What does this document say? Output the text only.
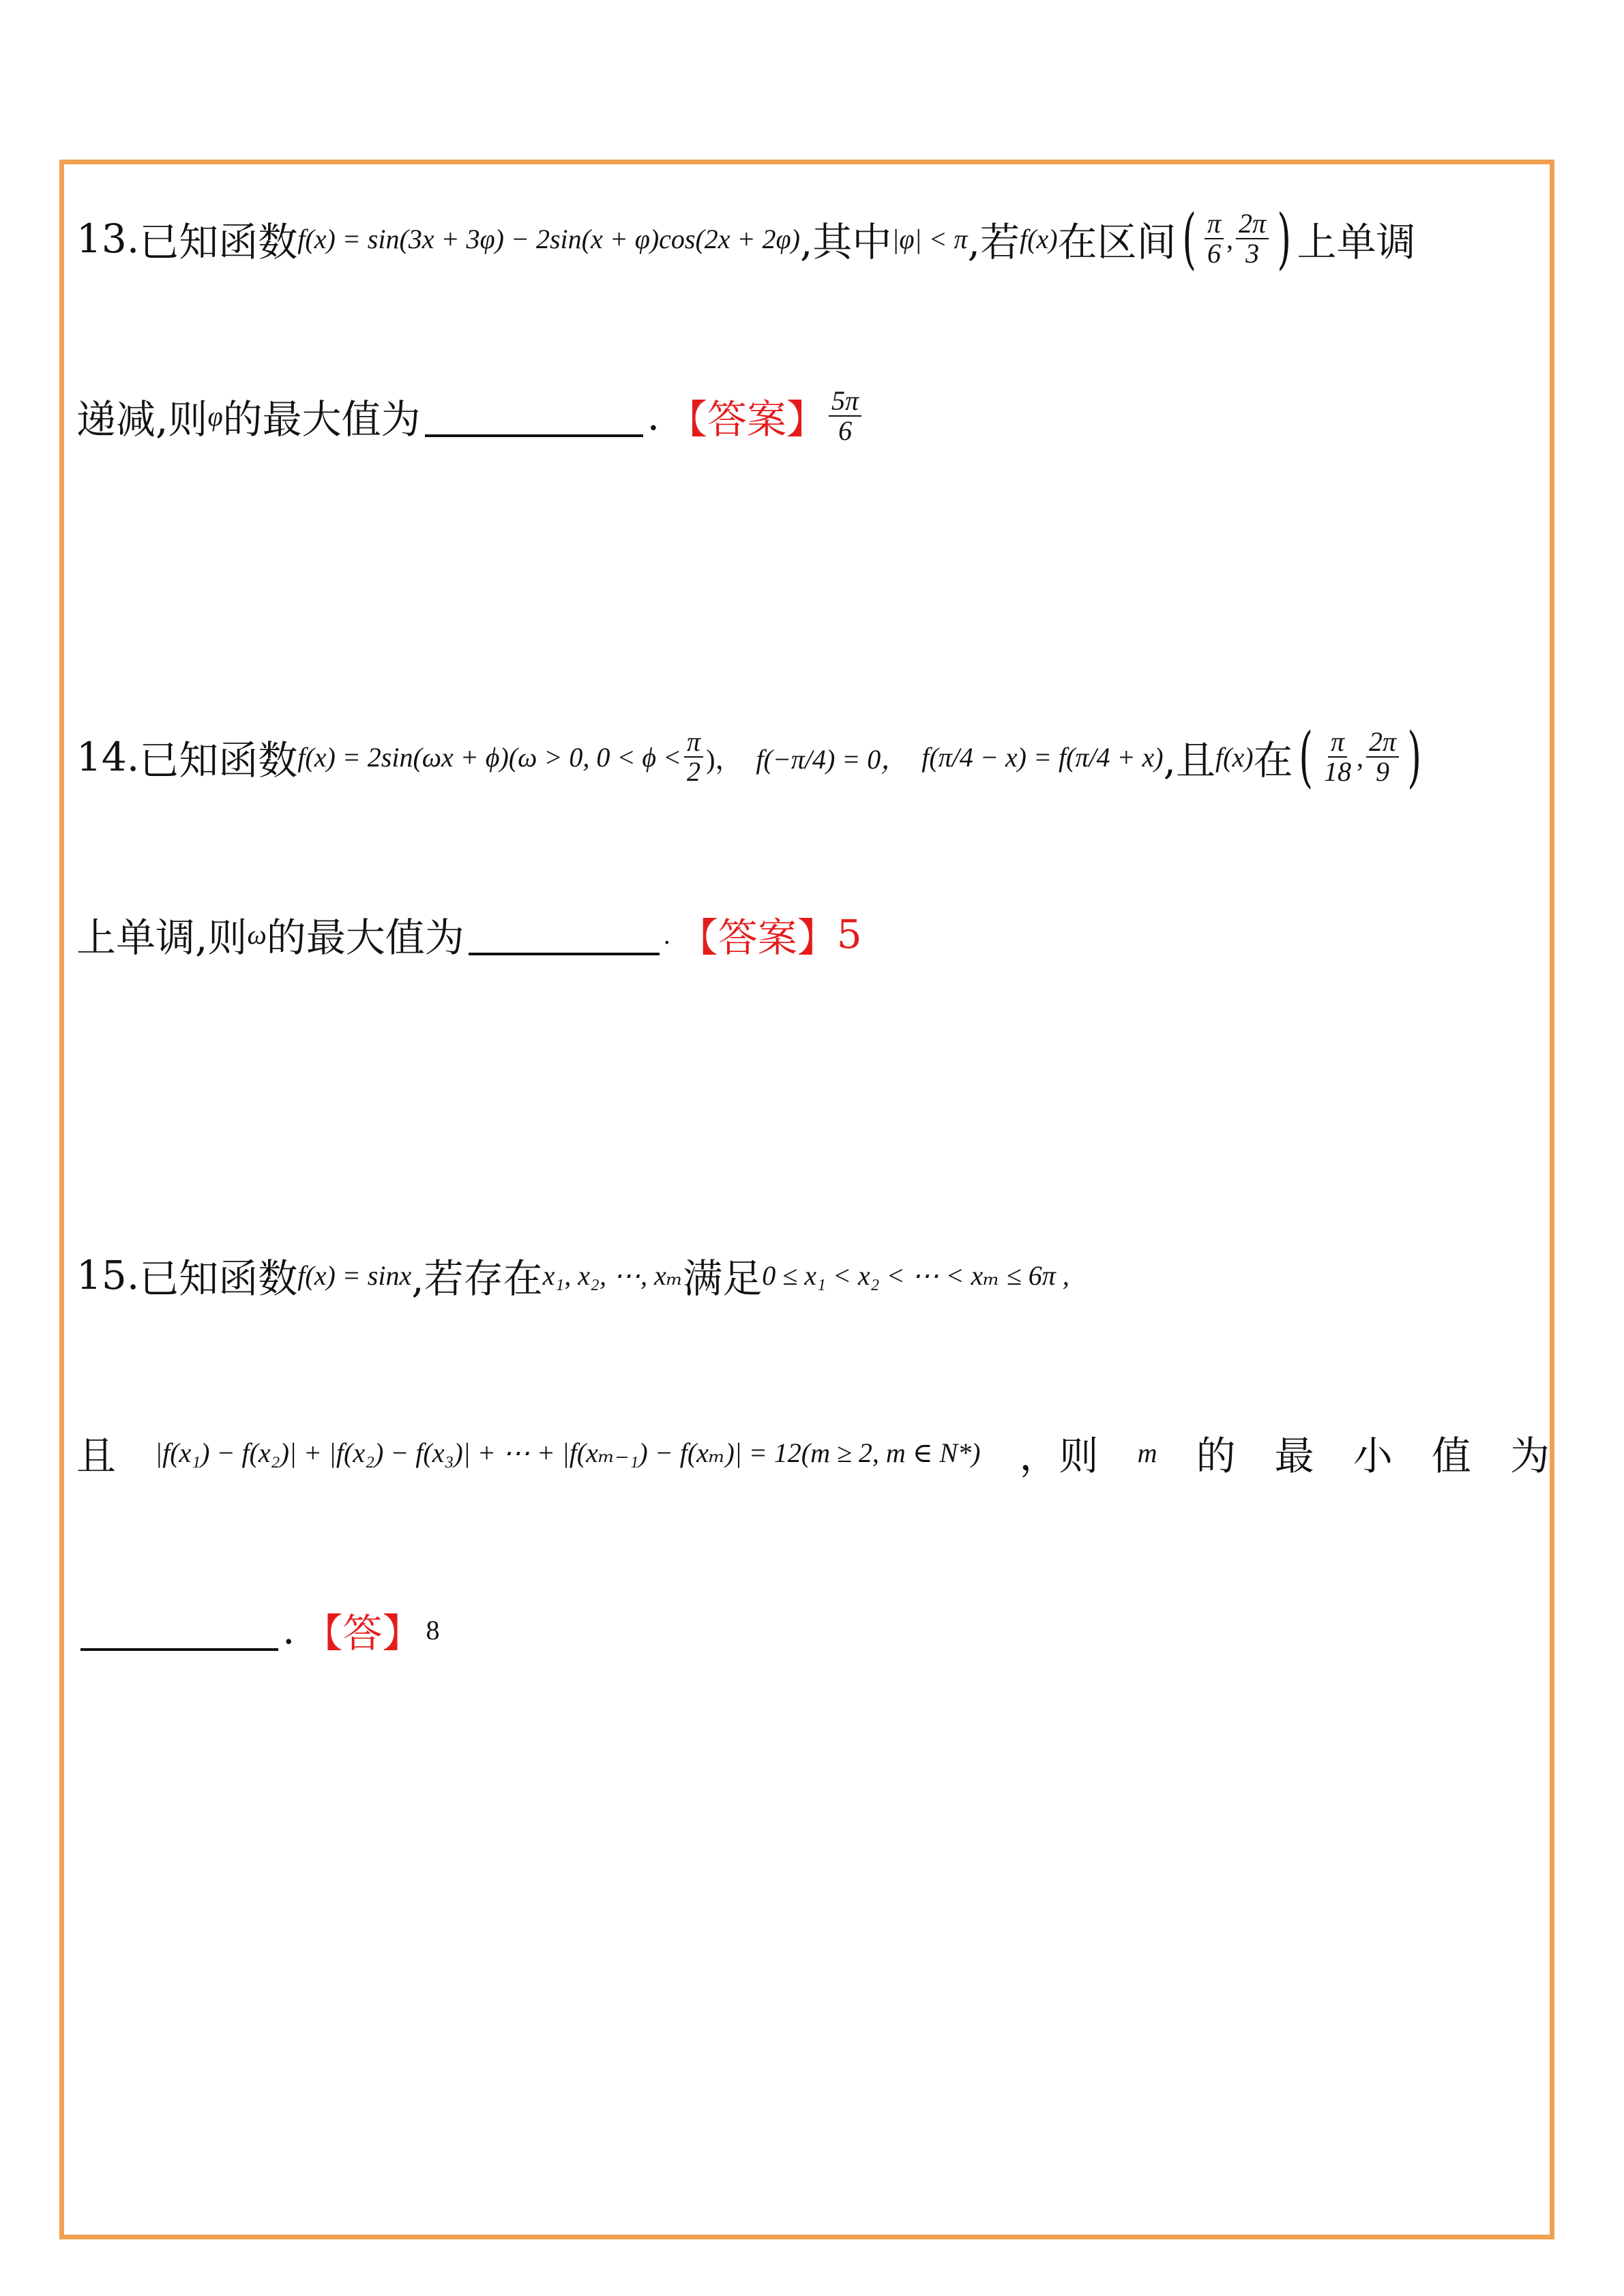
13 . 已知函数 f(x) = sin(3x + 3φ) − 2sin(x + φ)cos(2x + 2φ) ,其中 |φ| < π ,若 f(x) 在区间 ( $\frac{\pi}{6}$ , $\frac{2\pi}{3}$ ) 上单调
递减,则 φ 的最大值为	. 【答案】 $\frac{5\pi}{6}$
14 . 已知函数 f(x) = 2sin(ωx + ϕ)(ω > 0, $0 < \phi < \frac{\pi}{2}$ )， f(−π/4) = 0， f(π/4 − x) = f(π/4 + x) ,且 f(x) 在 ( $\frac{\pi}{18}$ , $\frac{2\pi}{9}$ )
上单调,则 ω 的最大值为	. 【答案】 5
15 . 已知函数 f(x) = sinx ,若存在 x₁, x₂, ⋯, xₘ 满足 0 ≤ x₁ < x₂ < ⋯ < xₘ ≤ 6π ,
且 |f(x₁) − f(x₂)| + |f(x₂) − f(x₃)| + ⋯ + |f(xₘ₋₁) − f(xₘ)| = 12(m ≥ 2, m ∈ N*) ，则 m 的 最 小 值 为
. 【答】 8
